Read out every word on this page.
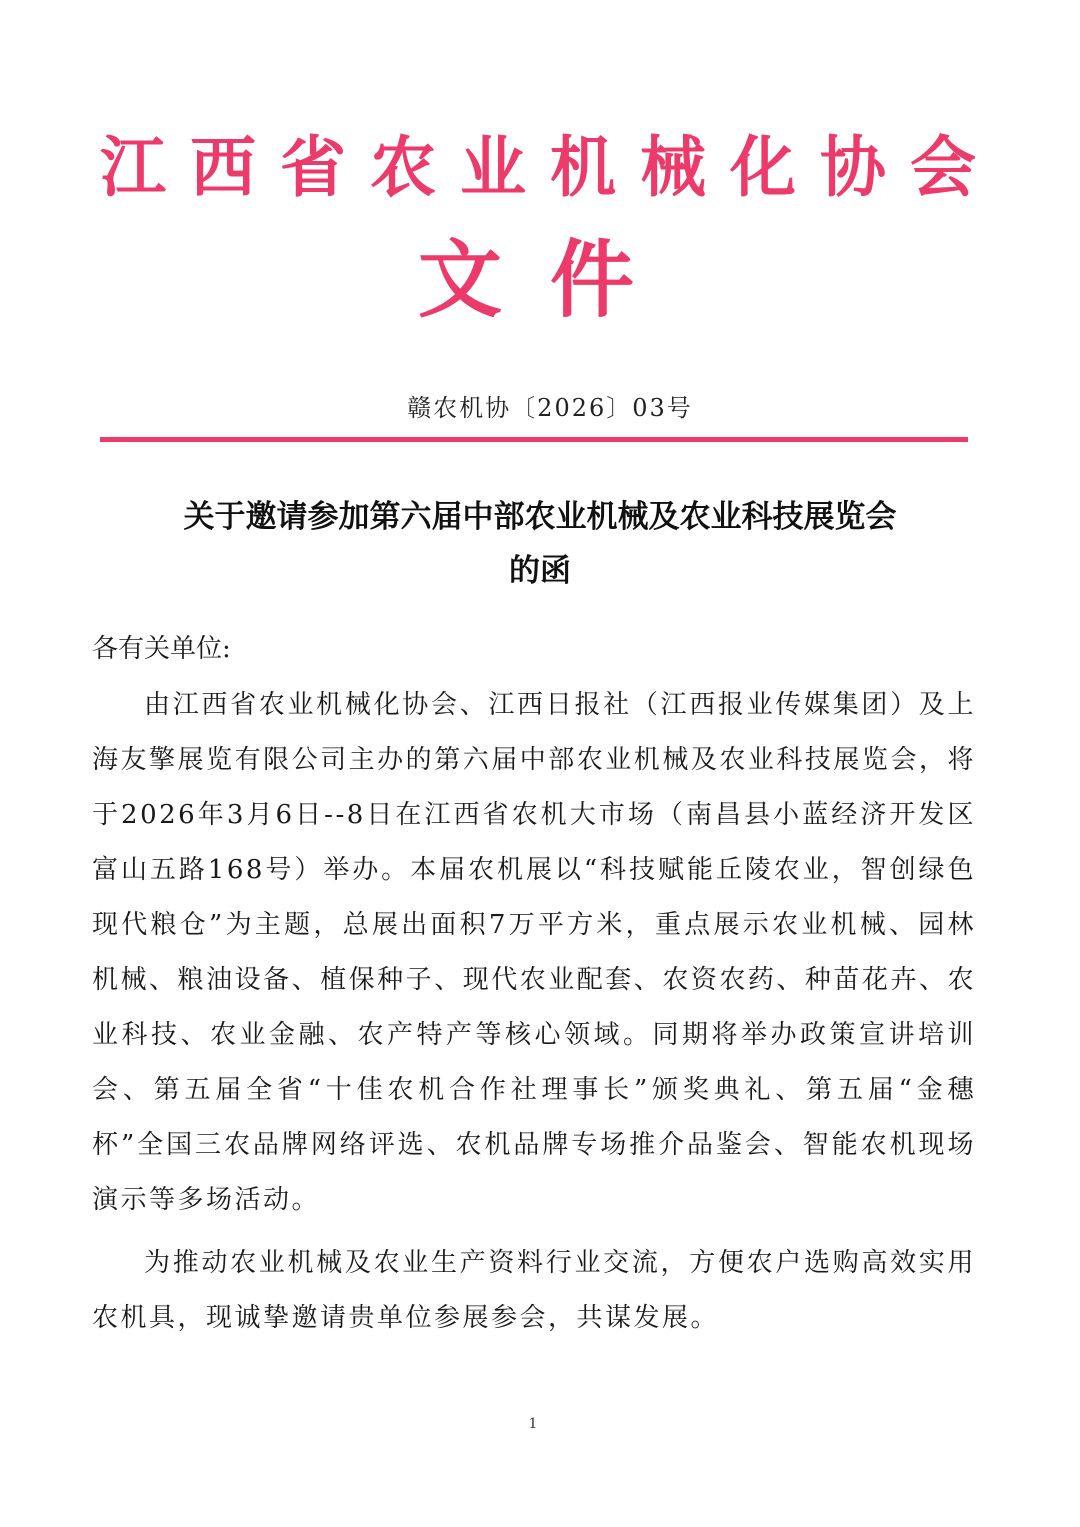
江西省农业机械化协会
文件
赣农机协〔2026〕03号
关于邀请参加第六届中部农业机械及农业科技展览会
的函
各有关单位:

由江西省农业机械化协会、江西日报社（江西报业传媒集团）及上海友擎展览有限公司主办的第六届中部农业机械及农业科技展览会，将于2026年3月6日--8日在江西省农机大市场（南昌县小蓝经济开发区富山五路168号）举办。本届农机展以“科技赋能丘陵农业，智创绿色现代粮仓”为主题，总展出面积7万平方米，重点展示农业机械、园林机械、粮油设备、植保种子、现代农业配套、农资农药、种苗花卉、农业科技、农业金融、农产特产等核心领域。同期将举办政策宣讲培训会、第五届全省“十佳农机合作社理事长”颁奖典礼、第五届“金穗杯”全国三农品牌网络评选、农机品牌专场推介品鉴会、智能农机现场演示等多场活动。

为推动农业机械及农业生产资料行业交流，方便农户选购高效实用农机具，现诚挚邀请贵单位参展参会，共谋发展。

1
